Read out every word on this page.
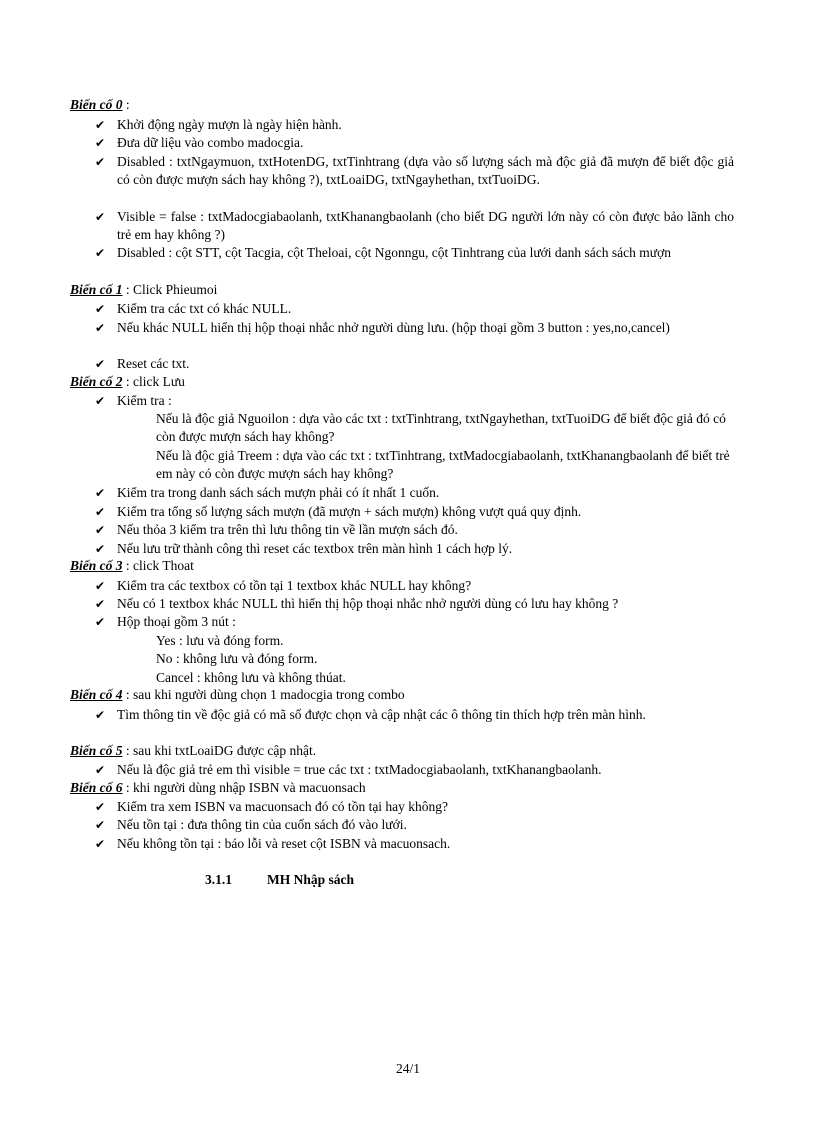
Biến cố 0 :
✔ Khởi động ngày mượn là ngày hiện hành.
✔ Đưa dữ liệu vào combo madocgia.
✔ Disabled : txtNgaymuon, txtHotenDG, txtTinhtrang (dựa vào số lượng sách mà độc giả đã mượn để biết độc giả có còn được mượn sách hay không ?), txtLoaiDG, txtNgayhethan, txtTuoiDG.
✔ Visible = false : txtMadocgiabaolanh, txtKhanangbaolanh (cho biết DG người lớn này có còn được bảo lãnh cho trẻ em hay không ?)
✔ Disabled : cột STT, cột Tacgia, cột Theloai, cột Ngonngu, cột Tinhtrang của lưới danh sách sách mượn
Biến cố 1 : Click Phieumoi
✔ Kiểm tra các txt có khác NULL.
✔ Nếu khác NULL hiển thị hộp thoại nhắc nhở người dùng lưu. (hộp thoại gồm 3 button : yes,no,cancel)
✔ Reset các txt.
Biến cố 2 : click Lưu
✔ Kiểm tra :
Nếu là độc giả Nguoilon : dựa vào các txt : txtTinhtrang, txtNgayhethan, txtTuoiDG để biết độc giả đó có còn được mượn sách hay không?
Nếu là độc giả Treem : dựa vào các txt : txtTinhtrang, txtMadocgiabaolanh, txtKhanangbaolanh để biết trẻ em này có còn được mượn sách hay không?
✔ Kiểm tra trong danh sách sách mượn phải có ít nhất 1 cuốn.
✔ Kiểm tra tổng số lượng sách mượn (đã mượn + sách mượn) không vượt quá quy định.
✔ Nếu thỏa 3 kiểm tra trên thì lưu thông tin về lần mượn sách đó.
✔ Nếu lưu trữ thành công thì reset các textbox trên màn hình 1 cách hợp lý.
Biến cố 3 : click Thoat
✔ Kiểm tra các textbox có tồn tại 1 textbox khác NULL hay không?
✔ Nếu có 1 textbox khác NULL thì hiển thị hộp thoại nhắc nhở người dùng có lưu hay không ?
✔ Hộp thoại gồm 3 nút :
Yes : lưu và đóng form.
No : không lưu và đóng form.
Cancel : không lưu và không thúat.
Biến cố 4 : sau khi người dùng chọn 1 madocgia trong combo
✔ Tìm thông tin về độc giả có mã số được chọn và cập nhật các ô thông tin thích hợp trên màn hình.
Biến cố 5 : sau khi txtLoaiDG được cập nhật.
✔ Nếu là độc giả trẻ em thì visible = true các txt : txtMadocgiabaolanh, txtKhanangbaolanh.
Biến cố 6 : khi người dùng nhập ISBN và macuonsach
✔ Kiểm tra xem ISBN va macuonsach đó có tồn tại hay không?
✔ Nếu tồn tại : đưa thông tin của cuốn sách đó vào lưới.
✔ Nếu không tồn tại : báo lỗi và reset cột ISBN và macuonsach.
3.1.1	MH Nhập sách
24/1
